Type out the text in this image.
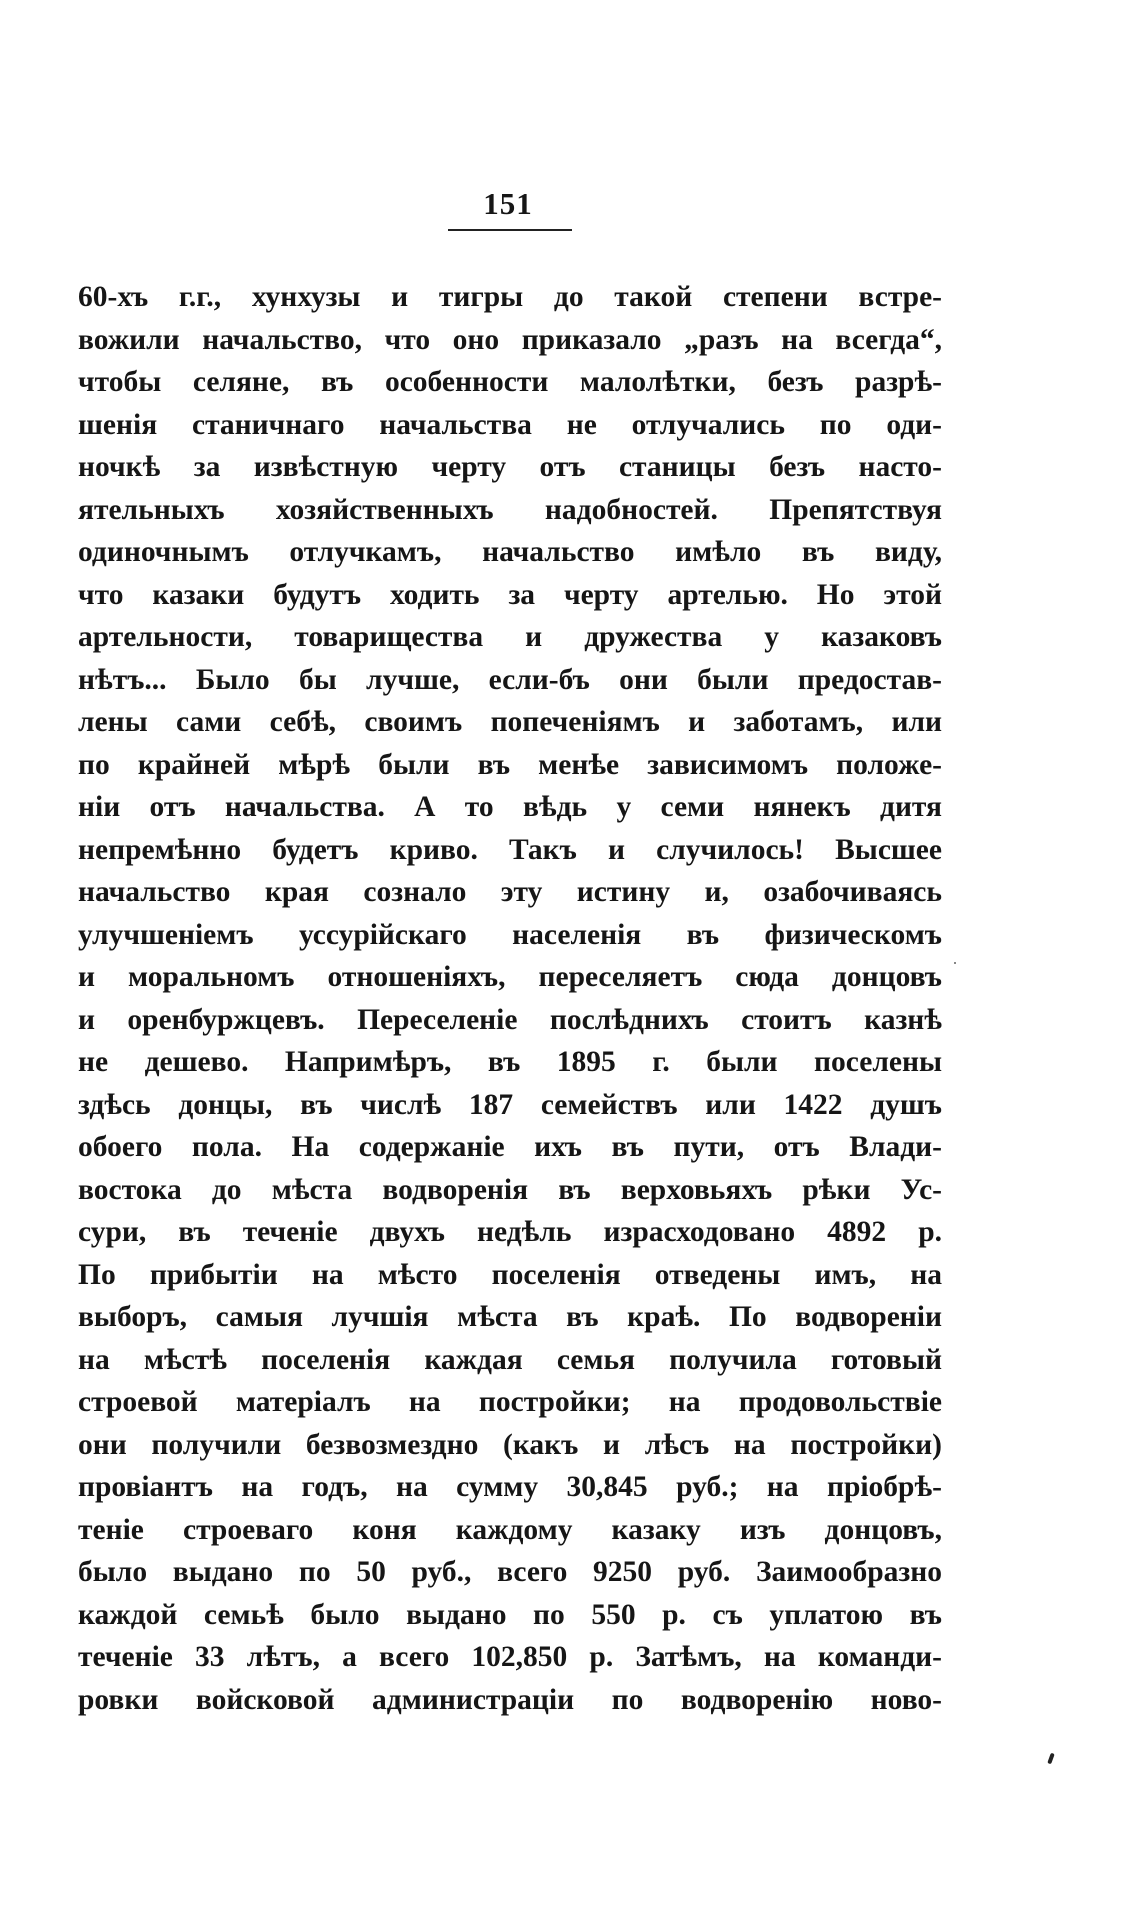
151
60-хъ г.г., хунхузы и тигры до такой степени встре-
вожили начальство, что оно приказало „разъ на всегда“,
чтобы селяне, въ особенности малолѣтки, безъ разрѣ-
шенія станичнаго начальства не отлучались по оди-
ночкѣ за извѣстную черту отъ станицы безъ насто-
ятельныхъ хозяйственныхъ надобностей. Препятствуя
одиночнымъ отлучкамъ, начальство имѣло въ виду,
что казаки будутъ ходить за черту артелью. Но этой
артельности, товарищества и дружества у казаковъ
нѣтъ... Было бы лучше, если-бъ они были предостав-
лены сами себѣ, своимъ попеченіямъ и заботамъ, или
по крайней мѣрѣ были въ менѣе зависимомъ положе-
ніи отъ начальства. А то вѣдь у семи нянекъ дитя
непремѣнно будетъ криво. Такъ и случилось! Высшее
начальство края сознало эту истину и, озабочиваясь
улучшеніемъ уссурійскаго населенія въ физическомъ
и моральномъ отношеніяхъ, переселяетъ сюда донцовъ
и оренбуржцевъ. Переселеніе послѣднихъ стоитъ казнѣ
не дешево. Напримѣръ, въ 1895 г. были поселены
здѣсь донцы, въ числѣ 187 семействъ или 1422 душъ
обоего пола. На содержаніе ихъ въ пути, отъ Влади-
востока до мѣста водворенія въ верховьяхъ рѣки Ус-
сури, въ теченіе двухъ недѣль израсходовано 4892 р.
По прибытіи на мѣсто поселенія отведены имъ, на
выборъ, самыя лучшія мѣста въ краѣ. По водвореніи
на мѣстѣ поселенія каждая семья получила готовый
строевой матеріалъ на постройки; на продовольствіе
они получили безвозмездно (какъ и лѣсъ на постройки)
провіантъ на годъ, на сумму 30,845 руб.; на пріобрѣ-
теніе строеваго коня каждому казаку изъ донцовъ,
было выдано по 50 руб., всего 9250 руб. Заимообразно
каждой семьѣ было выдано по 550 р. съ уплатою въ
теченіе 33 лѣтъ, а всего 102,850 р. Затѣмъ, на команди-
ровки войсковой администраціи по водворенію ново-
